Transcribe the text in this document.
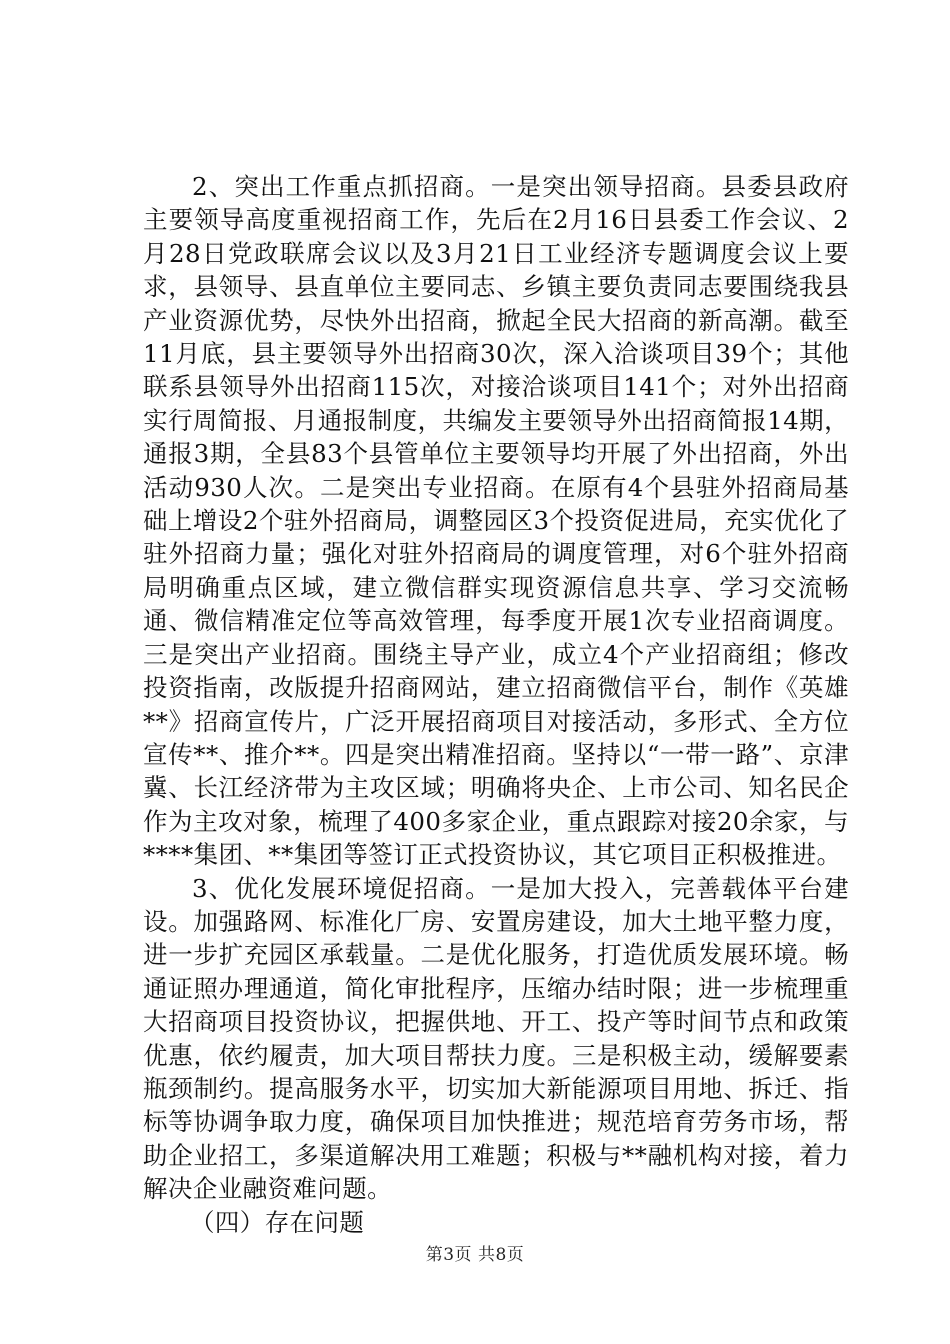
2、突出工作重点抓招商。一是突出领导招商。县委县政府主要领导高度重视招商工作，先后在2月16日县委工作会议、2月28日党政联席会议以及3月21日工业经济专题调度会议上要求，县领导、县直单位主要同志、乡镇主要负责同志要围绕我县产业资源优势，尽快外出招商，掀起全民大招商的新高潮。截至11月底，县主要领导外出招商30次，深入洽谈项目39个；其他联系县领导外出招商115次，对接洽谈项目141个；对外出招商实行周简报、月通报制度，共编发主要领导外出招商简报14期，通报3期，全县83个县管单位主要领导均开展了外出招商，外出活动930人次。二是突出专业招商。在原有4个县驻外招商局基础上增设2个驻外招商局，调整园区3个投资促进局，充实优化了驻外招商力量；强化对驻外招商局的调度管理，对6个驻外招商局明确重点区域，建立微信群实现资源信息共享、学习交流畅通、微信精准定位等高效管理，每季度开展1次专业招商调度。三是突出产业招商。围绕主导产业，成立4个产业招商组；修改投资指南，改版提升招商网站，建立招商微信平台，制作《英雄**》招商宣传片，广泛开展招商项目对接活动，多形式、全方位宣传**、推介**。四是突出精准招商。坚持以“一带一路”、京津冀、长江经济带为主攻区域；明确将央企、上市公司、知名民企作为主攻对象，梳理了400多家企业，重点跟踪对接20余家，与****集团、**集团等签订正式投资协议，其它项目正积极推进。

3、优化发展环境促招商。一是加大投入，完善载体平台建设。加强路网、标准化厂房、安置房建设，加大土地平整力度，进一步扩充园区承载量。二是优化服务，打造优质发展环境。畅通证照办理通道，简化审批程序，压缩办结时限；进一步梳理重大招商项目投资协议，把握供地、开工、投产等时间节点和政策优惠，依约履责，加大项目帮扶力度。三是积极主动，缓解要素瓶颈制约。提高服务水平，切实加大新能源项目用地、拆迁、指标等协调争取力度，确保项目加快推进；规范培育劳务市场，帮助企业招工，多渠道解决用工难题；积极与**融机构对接，着力解决企业融资难问题。

（四）存在问题

第3页 共8页
